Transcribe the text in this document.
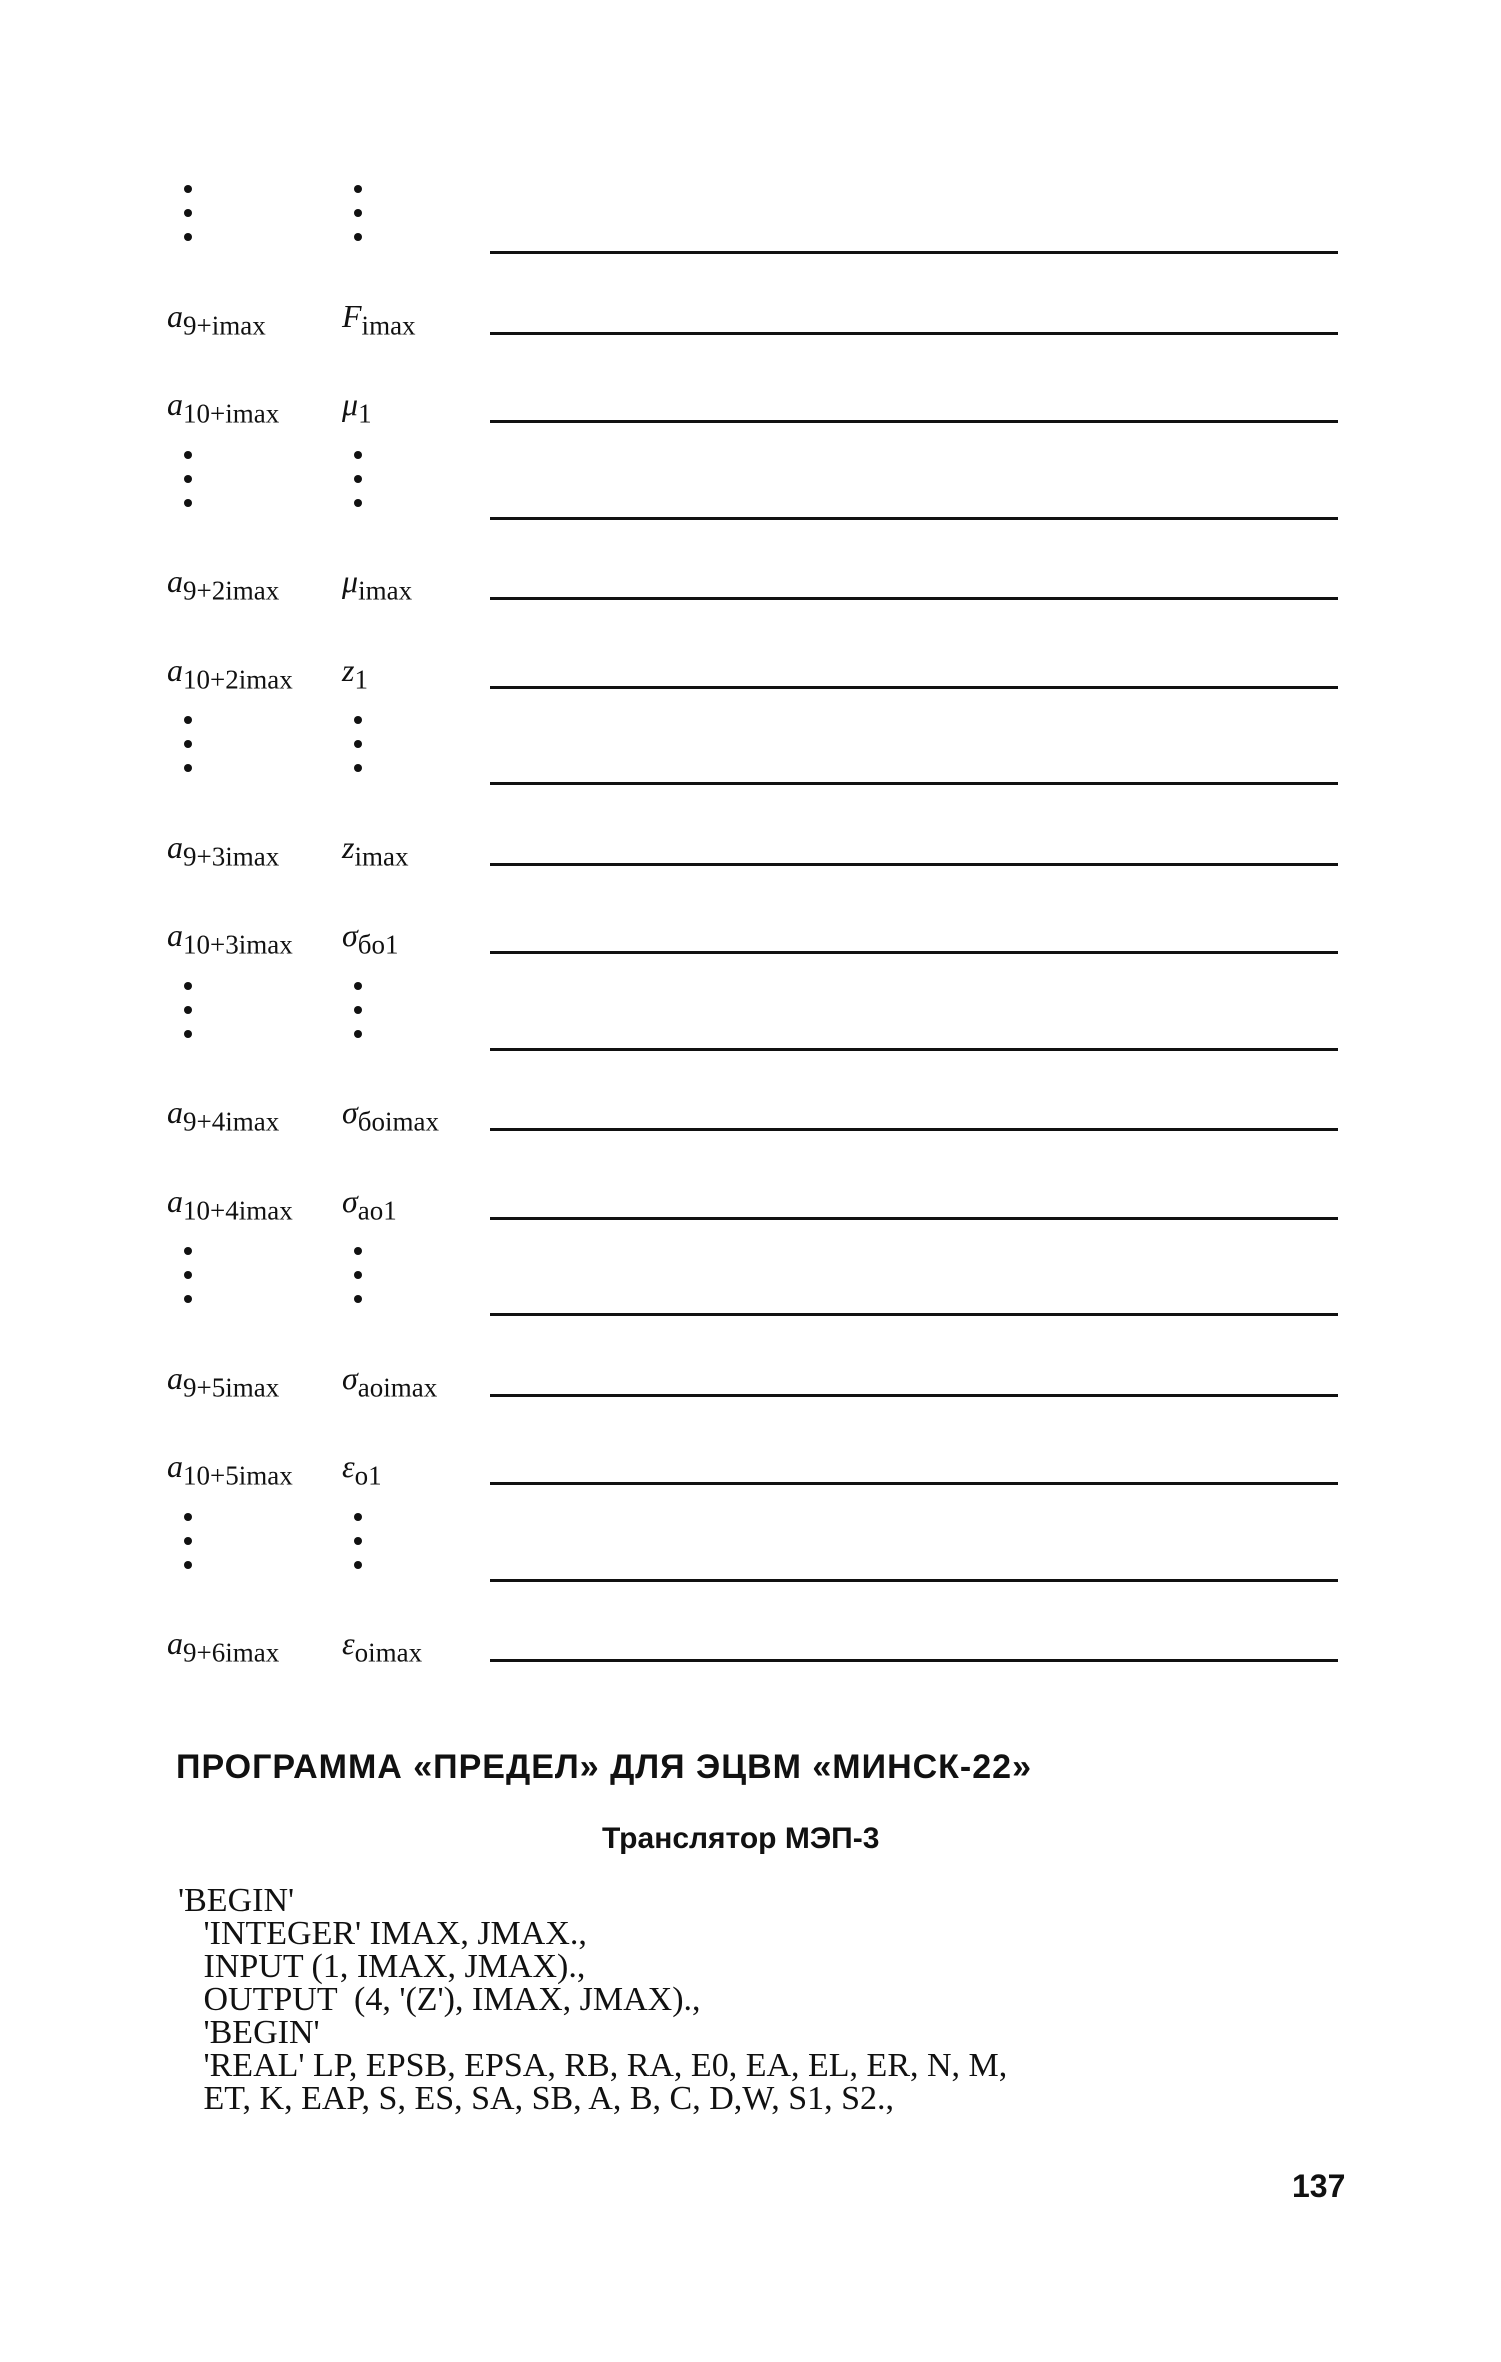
$a_{9+imax}$ $F_{imax}$
$a_{10+imax}$ $\mu_1$
$a_{9+2imax}$ $\mu_{imax}$
$a_{10+2imax}$ $z_1$
$a_{9+3imax}$ $z_{imax}$
$a_{10+3imax}$ $\sigma_{бо1}$
$a_{9+4imax}$ $\sigma_{боimax}$
$a_{10+4imax}$ $\sigma_{ао1}$
$a_{9+5imax}$ $\sigma_{аоimax}$
$a_{10+5imax}$ $\varepsilon_{о1}$
$a_{9+6imax}$ $\varepsilon_{оimax}$
ПРОГРАММА «ПРЕДЕЛ» ДЛЯ ЭЦВМ «МИНСК-22»
Транслятор МЭП-3
'BEGIN'
'INTEGER' IMAX, JMAX.,
INPUT (1, IMAX, JMAX).,
OUTPUT  (4, '(Z'), IMAX, JMAX).,
'BEGIN'
'REAL' LP, EPSB, EPSA, RB, RA, E0, EA, EL, ER, N, M,
ET, K, EAP, S, ES, SA, SB, A, B, C, D,W, S1, S2.,
137
